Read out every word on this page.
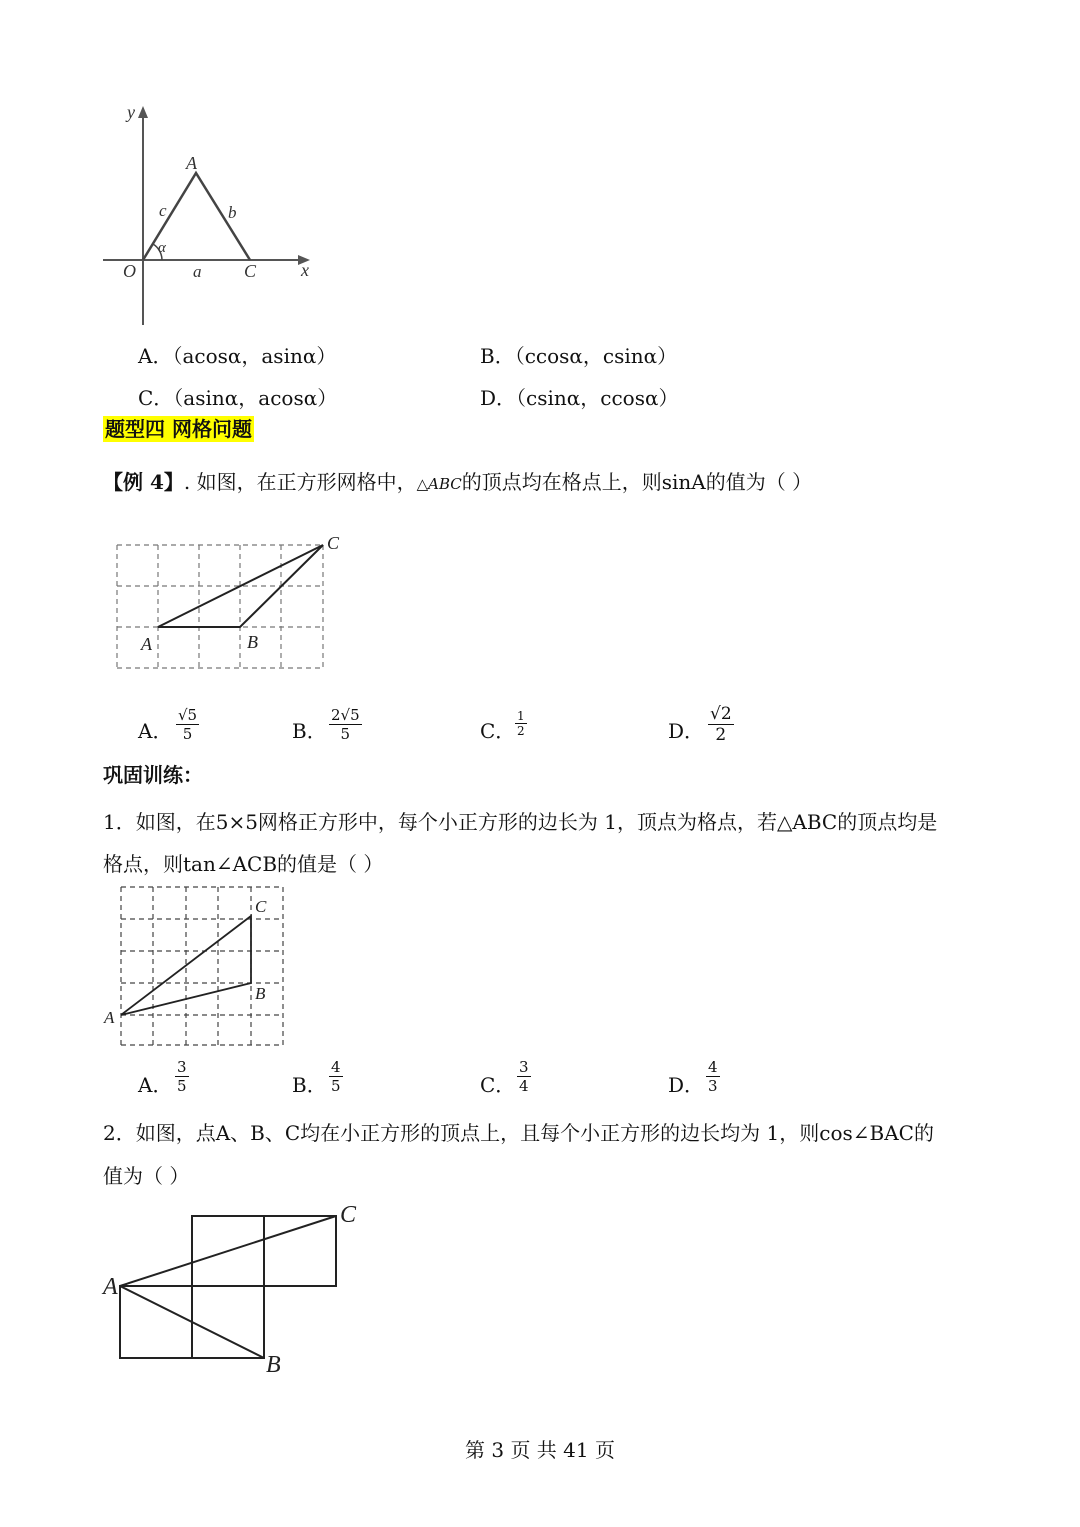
y
x
O
A
C
c	b
a
α
A．（acosα，asinα）	B．（ccosα，csinα）
C．（asinα，acosα）	D．（csinα，ccosα）
题型四 网格问题
【例 4】. 如图，在正方形网格中，△ABC的顶点均在格点上，则sinA的值为（ ）
A	B
C
A． $\frac{√5}{5}$	B． $\frac{2√5}{5}$	C． $\frac{1}{2}$	D． $\frac{√2}{2}$
巩固训练：
1．如图，在5×5网格正方形中，每个小正方形的边长为 1，顶点为格点，若△ABC的顶点均是
格点，则tan∠ACB的值是（ ）
A
B
C
A． $\frac{3}{5}$	B． $\frac{4}{5}$	C． $\frac{3}{4}$	D． $\frac{4}{3}$
2．如图，点A、B、C均在小正方形的顶点上，且每个小正方形的边长均为 1，则cos∠BAC的
值为（ ）
A
B
C
第 3 页 共 41 页
